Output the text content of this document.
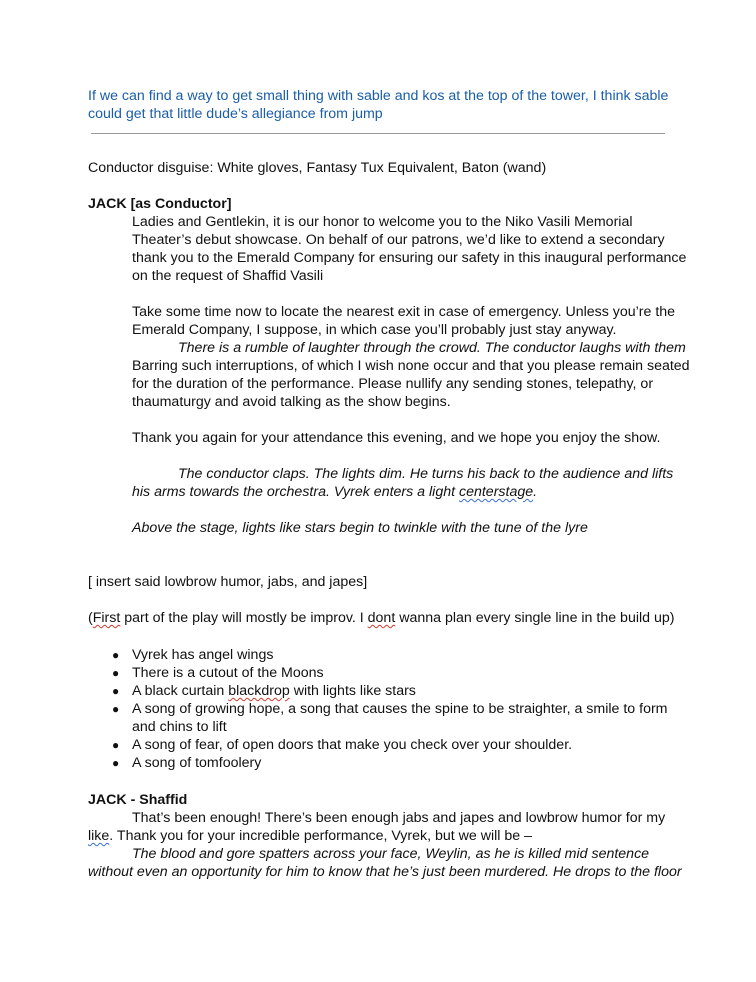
If we can find a way to get small thing with sable and kos at the top of the tower, I think sable
could get that little dude’s allegiance from jump
Conductor disguise: White gloves, Fantasy Tux Equivalent, Baton (wand)
JACK [as Conductor]
Ladies and Gentlekin, it is our honor to welcome you to the Niko Vasili Memorial
Theater’s debut showcase. On behalf of our patrons, we’d like to extend a secondary
thank you to the Emerald Company for ensuring our safety in this inaugural performance
on the request of Shaffid Vasili
Take some time now to locate the nearest exit in case of emergency. Unless you’re the
Emerald Company, I suppose, in which case you’ll probably just stay anyway.
There is a rumble of laughter through the crowd. The conductor laughs with them
Barring such interruptions, of which I wish none occur and that you please remain seated
for the duration of the performance. Please nullify any sending stones, telepathy, or
thaumaturgy and avoid talking as the show begins.
Thank you again for your attendance this evening, and we hope you enjoy the show.
The conductor claps. The lights dim. He turns his back to the audience and lifts
his arms towards the orchestra. Vyrek enters a light centerstage.
Above the stage, lights like stars begin to twinkle with the tune of the lyre
[ insert said lowbrow humor, jabs, and japes]
(First part of the play will mostly be improv. I dont wanna plan every single line in the build up)
● Vyrek has angel wings
● There is a cutout of the Moons
● A black curtain blackdrop with lights like stars
● A song of growing hope, a song that causes the spine to be straighter, a smile to form
and chins to lift
● A song of fear, of open doors that make you check over your shoulder.
● A song of tomfoolery
JACK - Shaffid
That’s been enough! There’s been enough jabs and japes and lowbrow humor for my
like. Thank you for your incredible performance, Vyrek, but we will be –
The blood and gore spatters across your face, Weylin, as he is killed mid sentence
without even an opportunity for him to know that he’s just been murdered. He drops to the floor
